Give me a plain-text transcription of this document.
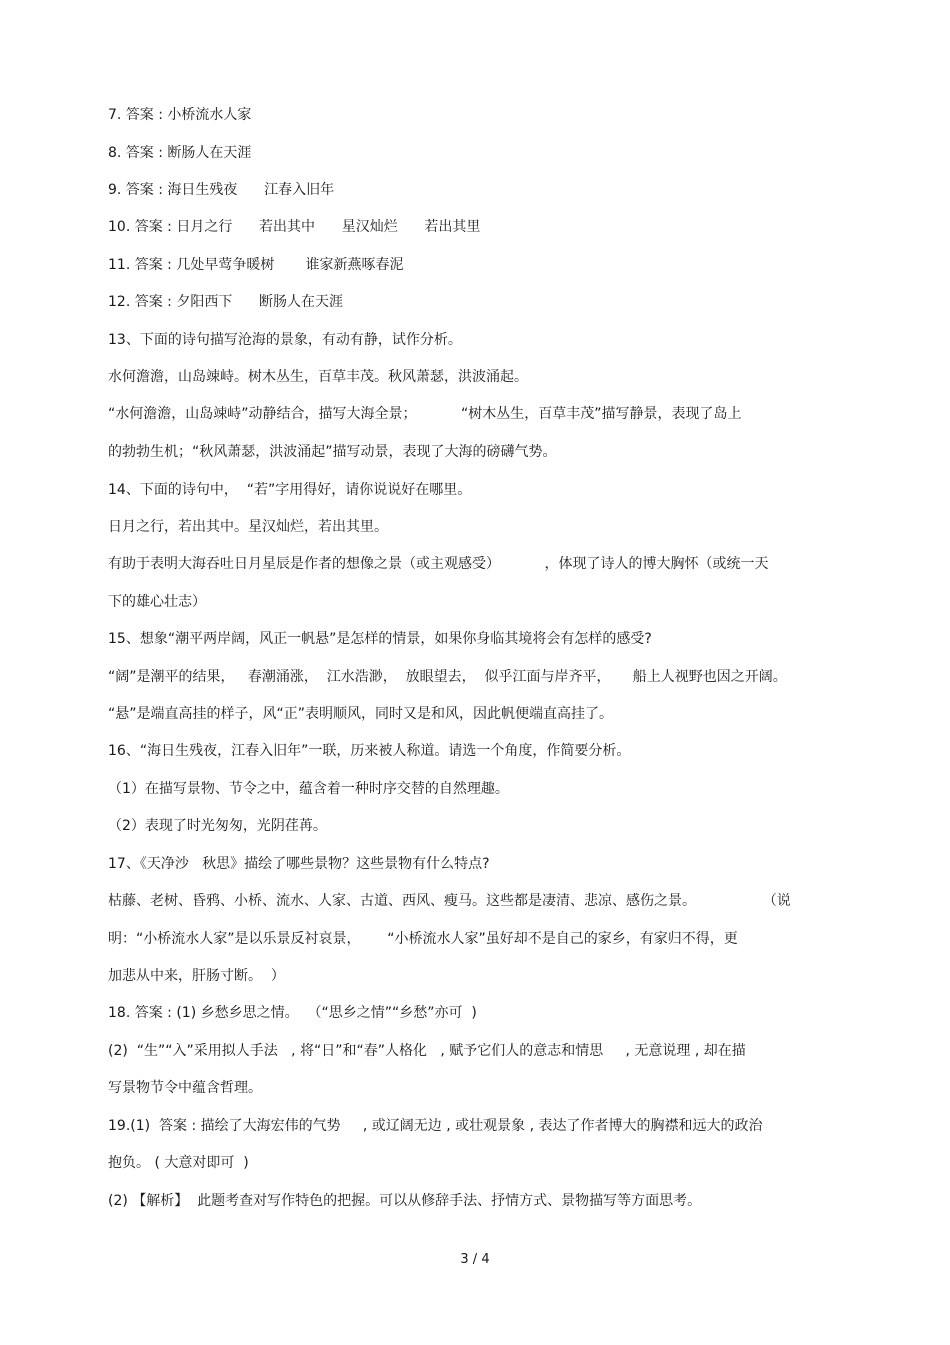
7. 答案 : 小桥流水人家
8. 答案 : 断肠人在天涯
9. 答案 : 海日生残夜      江春入旧年
10. 答案 : 日月之行      若出其中      星汉灿烂      若出其里
11. 答案 : 几处早莺争暖树       谁家新燕啄春泥
12. 答案 : 夕阳西下      断肠人在天涯
13、下面的诗句描写沧海的景象，有动有静，试作分析。
水何澹澹，山岛竦峙。树木丛生，百草丰茂。秋风萧瑟，洪波涌起。
“水何澹澹，山岛竦峙”动静结合，描写大海全景；          “树木丛生，百草丰茂”描写静景，表现了岛上
的勃勃生机；“秋风萧瑟，洪波涌起”描写动景，表现了大海的磅礴气势。
14、下面的诗句中，  “若”字用得好，请你说说好在哪里。
日月之行，若出其中。星汉灿烂，若出其里。
有助于表明大海吞吐日月星辰是作者的想像之景（或主观感受）          ，体现了诗人的博大胸怀（或统一天
下的雄心壮志）
15、想象“潮平两岸阔，风正一帆悬”是怎样的情景，如果你身临其境将会有怎样的感受?
“阔”是潮平的结果，   春潮涌涨，  江水浩渺，  放眼望去，  似乎江面与岸齐平，     船上人视野也因之开阔。
“悬”是端直高挂的样子，风“正”表明顺风，同时又是和风，因此帆便端直高挂了。
16、“海日生残夜，江春入旧年”一联，历来被人称道。请选一个角度，作简要分析。
（1）在描写景物、节令之中，蕴含着一种时序交替的自然理趣。
（2）表现了时光匆匆，光阴荏苒。
17、《天净沙   秋思》描绘了哪些景物？这些景物有什么特点?
枯藤、老树、昏鸦、小桥、流水、人家、古道、西风、瘦马。这些都是凄清、悲凉、感伤之景。               （说
明：“小桥流水人家”是以乐景反衬哀景，      “小桥流水人家”虽好却不是自己的家乡，有家归不得，更
加悲从中来，肝肠寸断。  ）
18. 答案 : (1) 乡愁乡思之情。  （“思乡之情”“乡愁”亦可  )
(2)  “生”“入”采用拟人手法   , 将“日”和“春”人格化   , 赋予它们人的意志和情思     , 无意说理 , 却在描
写景物节令中蕴含哲理。
19.(1)  答案 : 描绘了大海宏伟的气势     , 或辽阔无边 , 或壮观景象 , 表达了作者博大的胸襟和远大的政治
抱负。 ( 大意对即可  )
(2) 【解析】  此题考查对写作特色的把握。可以从修辞手法、抒情方式、景物描写等方面思考。
3 / 4
